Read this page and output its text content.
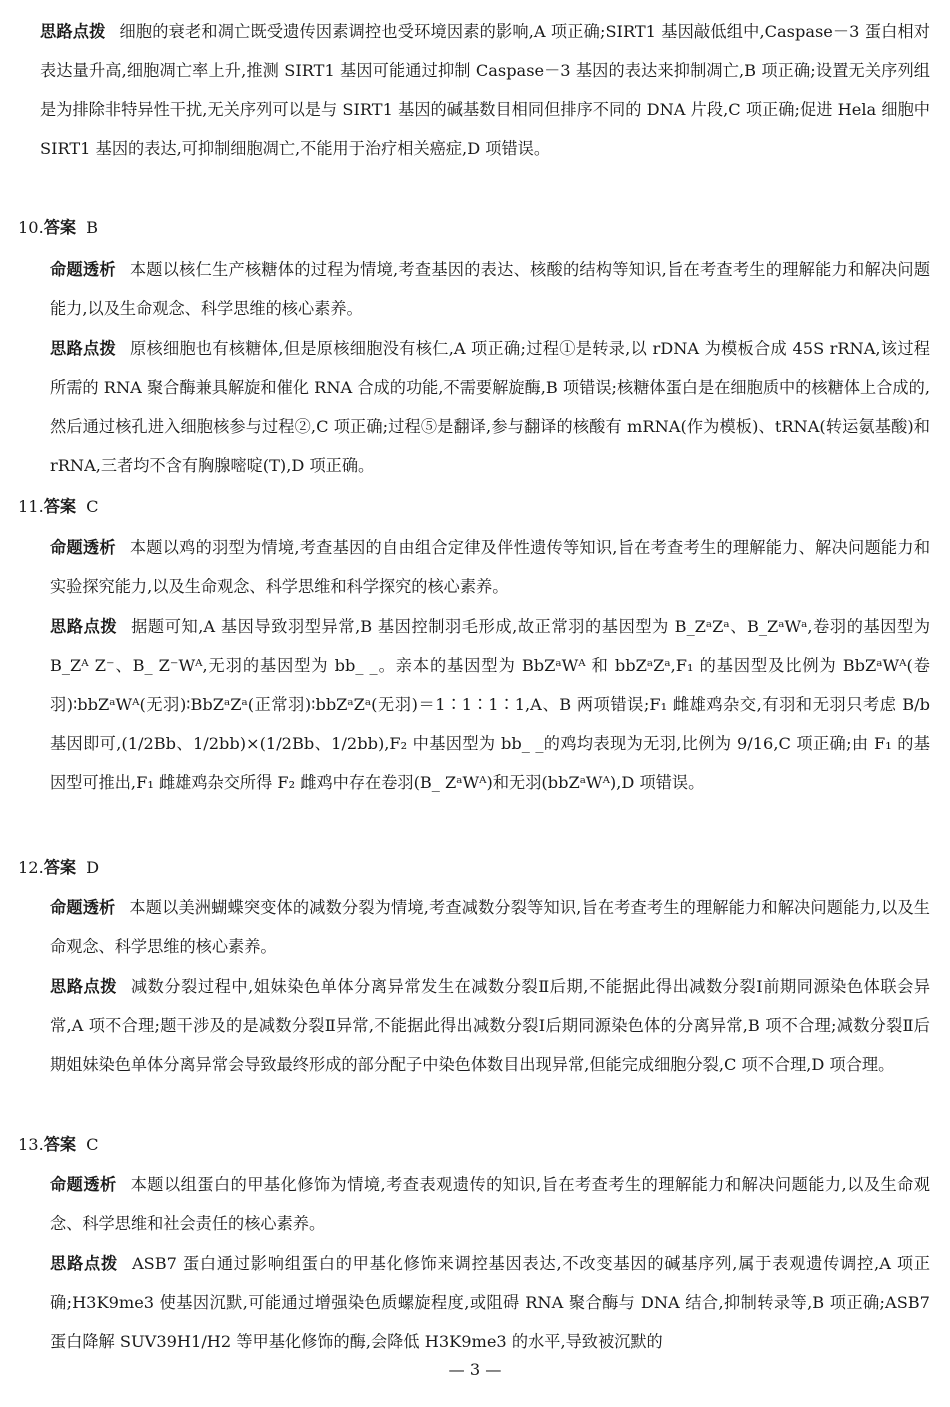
思路点拨 细胞的衰老和凋亡既受遗传因素调控也受环境因素的影响,A 项正确;SIRT1 基因敲低组中,Caspase－3 蛋白相对表达量升高,细胞凋亡率上升,推测 SIRT1 基因可能通过抑制 Caspase－3 基因的表达来抑制凋亡,B 项正确;设置无关序列组是为排除非特异性干扰,无关序列可以是与 SIRT1 基因的碱基数目相同但排序不同的 DNA 片段,C 项正确;促进 Hela 细胞中 SIRT1 基因的表达,可抑制细胞凋亡,不能用于治疗相关癌症,D 项错误。
10.答案 B
命题透析 本题以核仁生产核糖体的过程为情境,考查基因的表达、核酸的结构等知识,旨在考查考生的理解能力和解决问题能力,以及生命观念、科学思维的核心素养。
思路点拨 原核细胞也有核糖体,但是原核细胞没有核仁,A 项正确;过程①是转录,以 rDNA 为模板合成 45S rRNA,该过程所需的 RNA 聚合酶兼具解旋和催化 RNA 合成的功能,不需要解旋酶,B 项错误;核糖体蛋白是在细胞质中的核糖体上合成的,然后通过核孔进入细胞核参与过程②,C 项正确;过程⑤是翻译,参与翻译的核酸有 mRNA(作为模板)、tRNA(转运氨基酸)和 rRNA,三者均不含有胸腺嘧啶(T),D 项正确。
11.答案 C
命题透析 本题以鸡的羽型为情境,考查基因的自由组合定律及伴性遗传等知识,旨在考查考生的理解能力、解决问题能力和实验探究能力,以及生命观念、科学思维和科学探究的核心素养。
思路点拨 据题可知,A 基因导致羽型异常,B 基因控制羽毛形成,故正常羽的基因型为 B_ZᵃZᵃ、B_ZᵃWᵃ,卷羽的基因型为 B_Zᴬ Z⁻、B_ Z⁻Wᴬ,无羽的基因型为 bb_ _。亲本的基因型为 BbZᵃWᴬ 和 bbZᵃZᵃ,F₁ 的基因型及比例为 BbZᵃWᴬ(卷羽)∶bbZᵃWᴬ(无羽)∶BbZᵃZᵃ(正常羽)∶bbZᵃZᵃ(无羽)＝1∶1∶1∶1,A、B 两项错误;F₁ 雌雄鸡杂交,有羽和无羽只考虑 B/b 基因即可,(1/2Bb、1/2bb)×(1/2Bb、1/2bb),F₂ 中基因型为 bb_ _的鸡均表现为无羽,比例为 9/16,C 项正确;由 F₁ 的基因型可推出,F₁ 雌雄鸡杂交所得 F₂ 雌鸡中存在卷羽(B_ ZᵃWᴬ)和无羽(bbZᵃWᴬ),D 项错误。
12.答案 D
命题透析 本题以美洲蝴蝶突变体的减数分裂为情境,考查减数分裂等知识,旨在考查考生的理解能力和解决问题能力,以及生命观念、科学思维的核心素养。
思路点拨 减数分裂过程中,姐妹染色单体分离异常发生在减数分裂Ⅱ后期,不能据此得出减数分裂Ⅰ前期同源染色体联会异常,A 项不合理;题干涉及的是减数分裂Ⅱ异常,不能据此得出减数分裂Ⅰ后期同源染色体的分离异常,B 项不合理;减数分裂Ⅱ后期姐妹染色单体分离异常会导致最终形成的部分配子中染色体数目出现异常,但能完成细胞分裂,C 项不合理,D 项合理。
13.答案 C
命题透析 本题以组蛋白的甲基化修饰为情境,考查表观遗传的知识,旨在考查考生的理解能力和解决问题能力,以及生命观念、科学思维和社会责任的核心素养。
思路点拨 ASB7 蛋白通过影响组蛋白的甲基化修饰来调控基因表达,不改变基因的碱基序列,属于表观遗传调控,A 项正确;H3K9me3 使基因沉默,可能通过增强染色质螺旋程度,或阻碍 RNA 聚合酶与 DNA 结合,抑制转录等,B 项正确;ASB7 蛋白降解 SUV39H1/H2 等甲基化修饰的酶,会降低 H3K9me3 的水平,导致被沉默的
— 3 —
